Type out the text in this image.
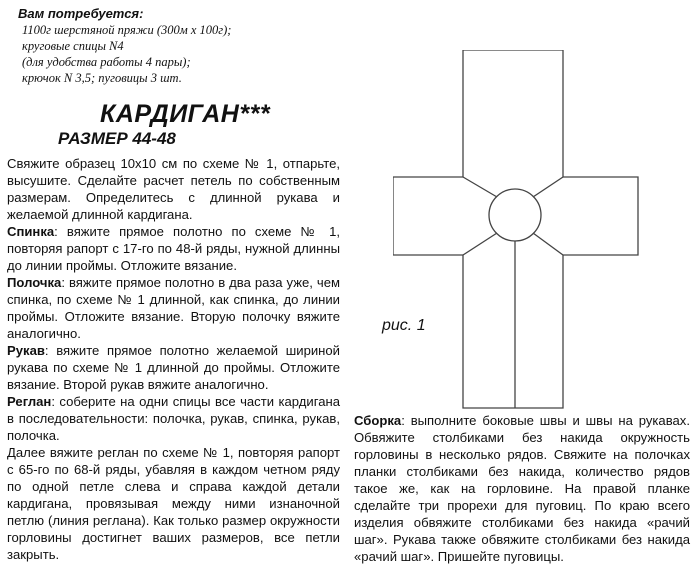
Вам потребуется:
1100г шерстяной пряжи (300м х 100г);
круговые спицы N4
(для удобства работы 4 пары);
крючок N 3,5; пуговицы 3 шт.
КАРДИГАН***
РАЗМЕР 44-48

Свяжите образец 10х10 см по схеме № 1, отпарьте, высушите. Сделайте расчет петель по собственным размерам. Определитесь с длинной рукава и желаемой длинной кардигана.

Спинка: вяжите прямое полотно по схеме № 1, повторяя рапорт с 17-го по 48-й ряды, нужной длинны до линии проймы. Отложите вязание.

Полочка: вяжите прямое полотно в два раза уже, чем спинка, по схеме № 1 длинной, как спинка, до линии проймы. Отложите вязание. Вторую полочку вяжите аналогично.

Рукав: вяжите прямое полотно желаемой шириной рукава по схеме № 1 длинной до проймы. Отложите вязание. Второй рукав вяжите аналогично.

Реглан: соберите на одни спицы все части кардигана в последовательности: полочка, рукав, спинка, рукав, полочка.

Далее вяжите реглан по схеме № 1, повторяя рапорт с 65-го по 68-й ряды, убавляя в каждом четном ряду по одной петле слева и справа каждой детали кардигана, провязывая между ними изнаночной петлю (линия реглана). Как только размер окружности горловины достигнет ваших размеров, все петли закрыть.

рис. 1

Сборка: выполните боковые швы и швы на рукавах. Обвяжите столбиками без накида окружность горловины в несколько рядов. Свяжите на полочках планки столбиками без накида, количество рядов такое же, как на горловине. На правой планке сделайте три прорехи для пуговиц. По краю всего изделия обвяжите столбиками без накида «рачий шаг». Рукава также обвяжите столбиками без накида «рачий шаг». Пришейте пуговицы.
